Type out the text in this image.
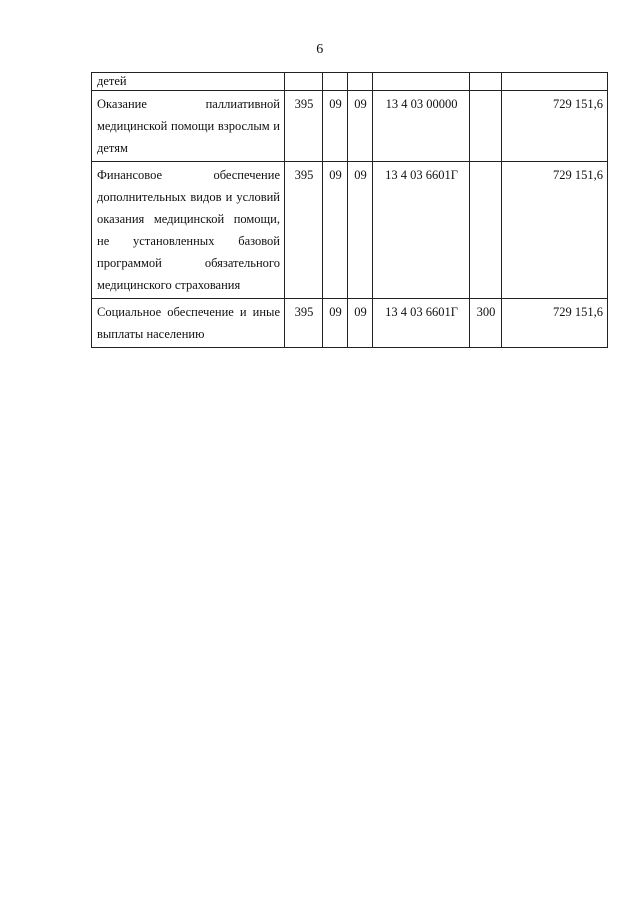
6
детей						
Оказание паллиативной медицинской помощи взрослым и детям	395	09	09	13 4 03 00000		729 151,6
Финансовое обеспечение дополнительных видов и условий оказания медицинской помощи, не установленных базовой программой обязательного медицинского страхования	395	09	09	13 4 03 6601Г		729 151,6
Социальное обеспечение и иные выплаты населению	395	09	09	13 4 03 6601Г	300	729 151,6
